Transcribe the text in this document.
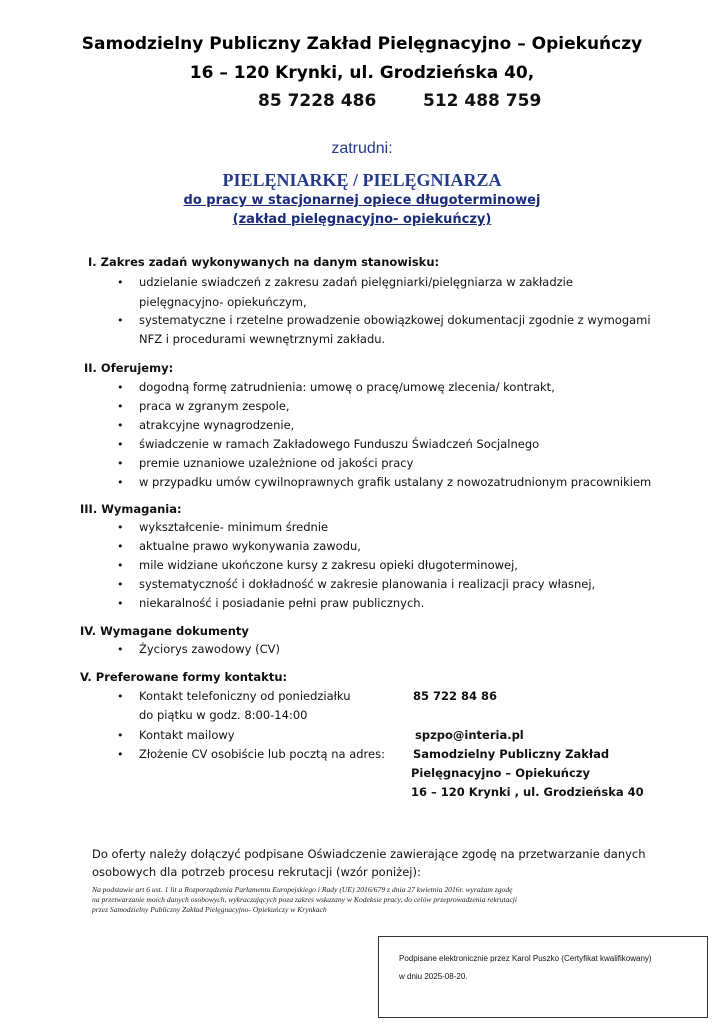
Samodzielny Publiczny Zakład Pielęgnacyjno – Opiekuńczy
16 – 120 Krynki, ul. Grodzieńska 40,
85 7228 486	512 488 759
zatrudni:
PIELĘNIARKĘ / PIELĘGNIARZA
do pracy w stacjonarnej opiece długoterminowej
(zakład pielęgnacyjno- opiekuńczy)
I. Zakres zadań wykonywanych na danym stanowisku:
• udzielanie swiadczeń z zakresu zadań pielęgniarki/pielęgniarza w zakładzie
pielęgnacyjno- opiekuńczym,
• systematyczne i rzetelne prowadzenie obowiązkowej dokumentacji zgodnie z wymogami
NFZ i procedurami wewnętrznymi zakładu.
II. Oferujemy:
• dogodną formę zatrudnienia: umowę o pracę/umowę zlecenia/ kontrakt,
• praca w zgranym zespole,
• atrakcyjne wynagrodzenie,
• świadczenie w ramach Zakładowego Funduszu Świadczeń Socjalnego
• premie uznaniowe uzależnione od jakości pracy
• w przypadku umów cywilnoprawnych grafik ustalany z nowozatrudnionym pracownikiem
III. Wymagania:
• wykształcenie- minimum średnie
• aktualne prawo wykonywania zawodu,
• mile widziane ukończone kursy z zakresu opieki długoterminowej,
• systematyczność i dokładność w zakresie planowania i realizacji pracy własnej,
• niekaralność i posiadanie pełni praw publicznych.
IV. Wymagane dokumenty
• Życiorys zawodowy (CV)
V. Preferowane formy kontaktu:
• Kontakt telefoniczny od poniedziałku	85 722 84 86
do piątku w godz. 8:00-14:00
• Kontakt mailowy	spzpo@interia.pl
• Złożenie CV osobiście lub pocztą na adres: Samodzielny Publiczny Zakład
Pielęgnacyjno – Opiekuńczy
16 – 120 Krynki , ul. Grodzieńska 40
Do oferty należy dołączyć podpisane Oświadczenie zawierające zgodę na przetwarzanie danych
osobowych dla potrzeb procesu rekrutacji (wzór poniżej):
Na podstawie art 6 ust. 1 lit a Rozporządzenia Parlamentu Europejskiego i Rady (UE) 2016/679 z dnia 27 kwietnia 2016r. wyrażam zgodę
na przetwarzanie moich danych osobowych, wykraczających poza zakres wskazany w Kodeksie pracy, do celów przeprowadzenia rekrutacji
przez Samodzielny Publiczny Zakład Pielęgnacyjno- Opiekuńczy w Krynkach
Podpisane elektronicznie przez Karol Puszko (Certyfikat kwalifikowany)
w dniu 2025-08-20.
